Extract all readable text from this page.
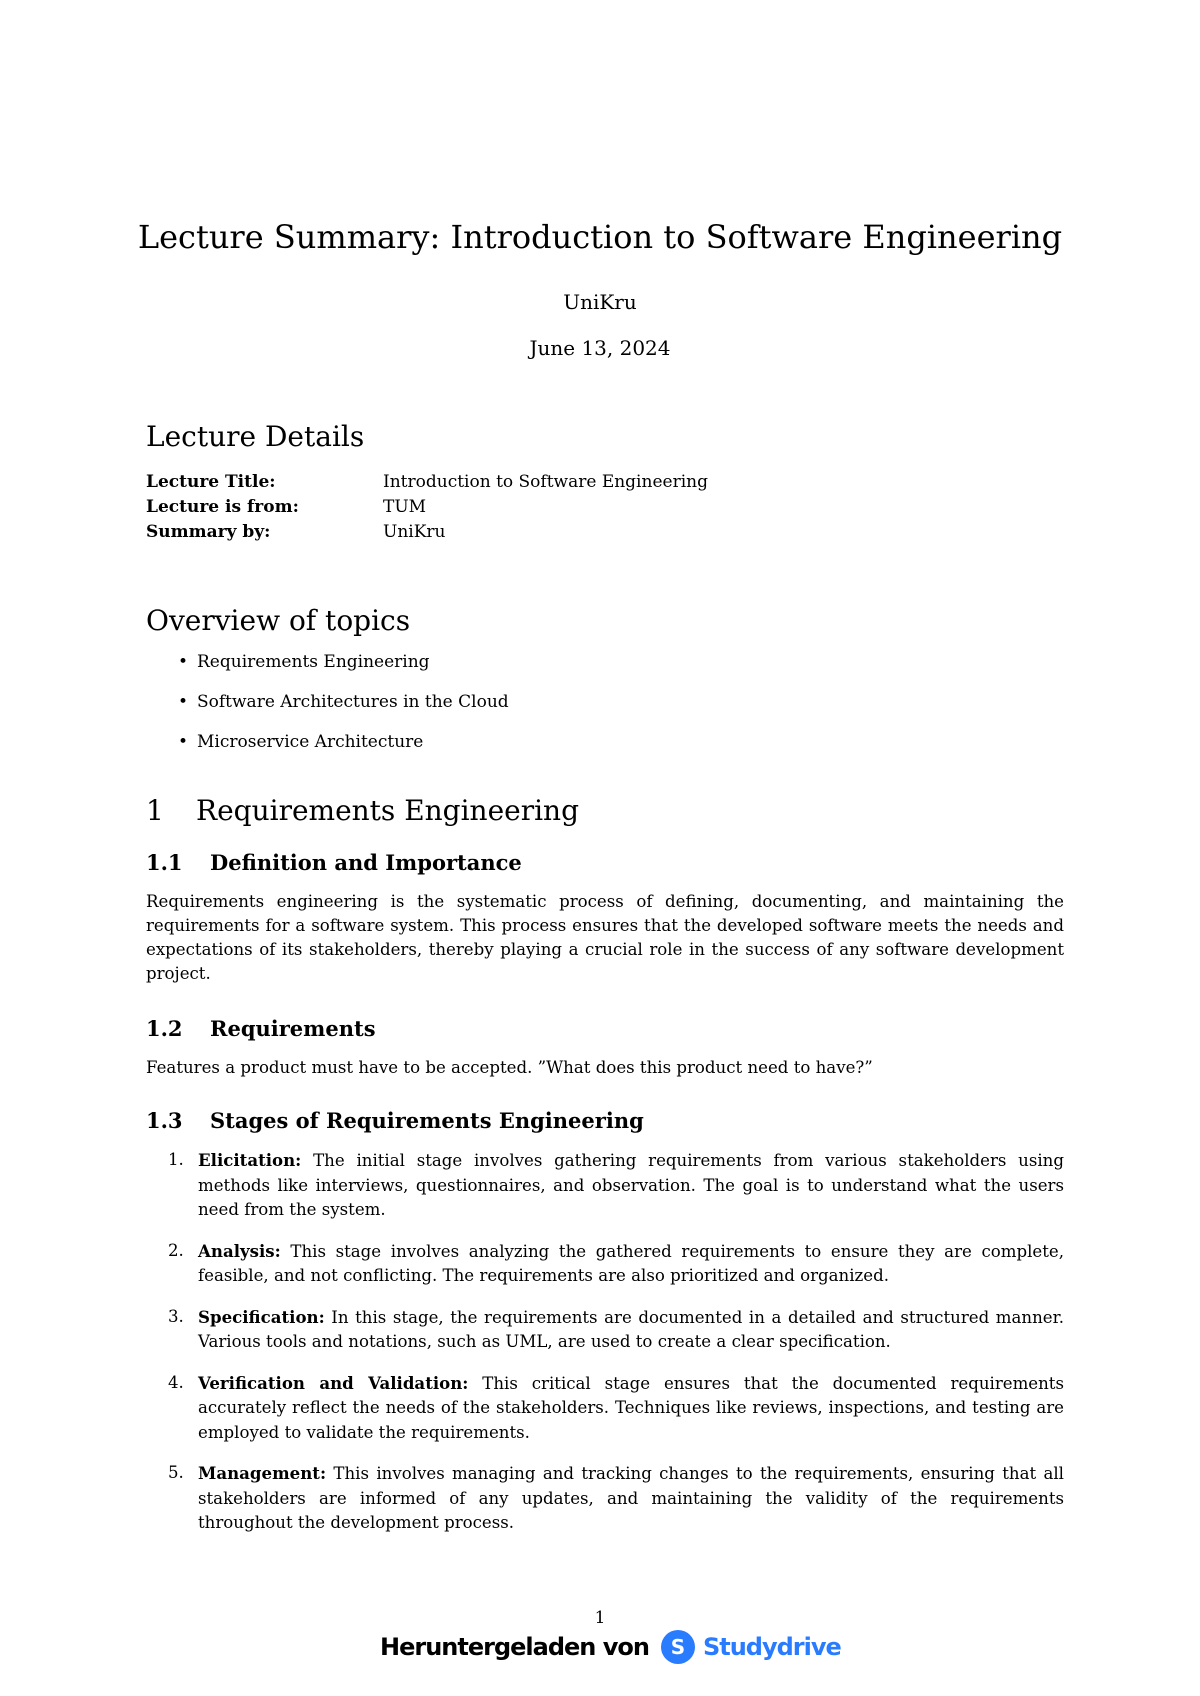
Lecture Summary: Introduction to Software Engineering
UniKru
June 13, 2024
Lecture Details
Lecture Title:	Introduction to Software Engineering
Lecture is from:	TUM
Summary by:	UniKru
Overview of topics
• Requirements Engineering
• Software Architectures in the Cloud
• Microservice Architecture
1 Requirements Engineering
1.1 Definition and Importance
Requirements engineering is the systematic process of defining, documenting, and maintaining the requirements for a software system. This process ensures that the developed software meets the needs and expectations of its stakeholders, thereby playing a crucial role in the success of any software development project.
1.2 Requirements
Features a product must have to be accepted. ”What does this product need to have?”
1.3 Stages of Requirements Engineering
1. Elicitation: The initial stage involves gathering requirements from various stakeholders using methods like interviews, questionnaires, and observation. The goal is to understand what the users need from the system.
2. Analysis: This stage involves analyzing the gathered requirements to ensure they are complete, feasible, and not conflicting. The requirements are also prioritized and organized.
3. Specification: In this stage, the requirements are documented in a detailed and structured manner. Various tools and notations, such as UML, are used to create a clear specification.
4. Verification and Validation: This critical stage ensures that the documented requirements accurately reflect the needs of the stakeholders. Techniques like reviews, inspections, and testing are employed to validate the requirements.
5. Management: This involves managing and tracking changes to the requirements, ensuring that all stakeholders are informed of any updates, and maintaining the validity of the requirements throughout the development process.
1
Heruntergeladen von S Studydrive
